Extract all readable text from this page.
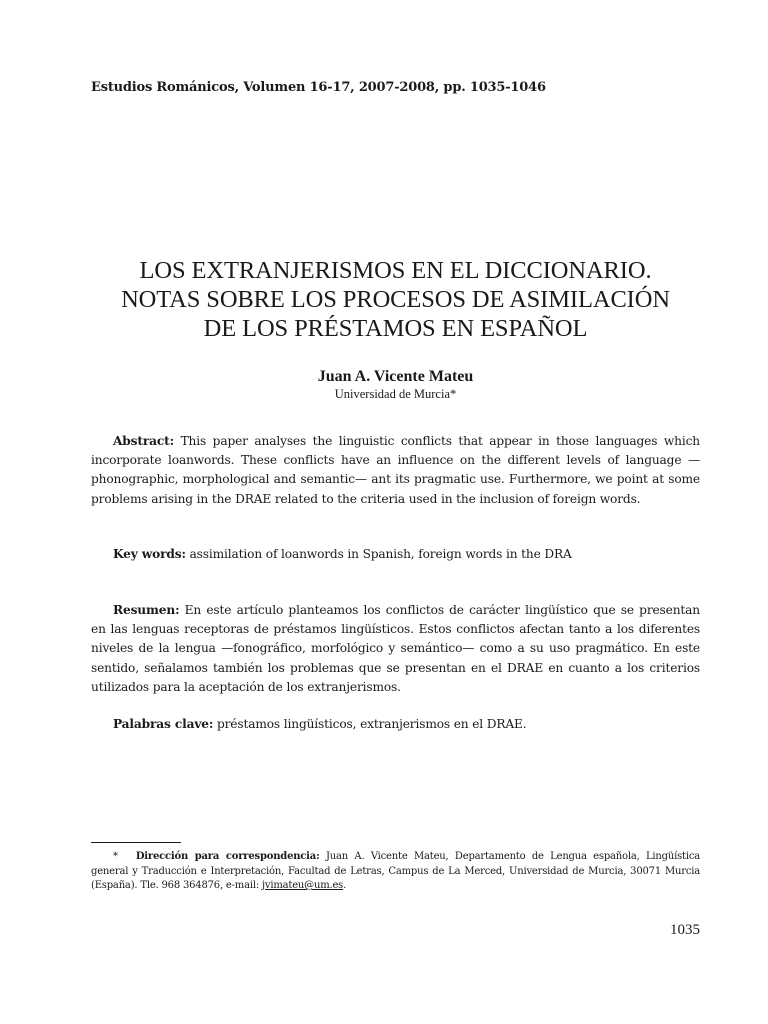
Estudios Románicos, Volumen 16-17, 2007-2008, pp. 1035-1046
LOS EXTRANJERISMOS EN EL DICCIONARIO.
NOTAS SOBRE LOS PROCESOS DE ASIMILACIÓN
DE LOS PRÉSTAMOS EN ESPAÑOL
Juan A. Vicente Mateu
Universidad de Murcia*

Abstract: This paper analyses the linguistic conflicts that appear in those languages which incorporate loanwords. These conflicts have an influence on the different levels of language —phonographic, morphological and semantic— ant its pragmatic use. Furthermore, we point at some problems arising in the DRAE related to the criteria used in the inclusion of foreign words.

Key words: assimilation of loanwords in Spanish, foreign words in the DRA

Resumen: En este artículo planteamos los conflictos de carácter lingüístico que se presentan en las lenguas receptoras de préstamos lingüísticos. Estos conflictos afectan tanto a los diferentes niveles de la lengua —fonográfico, morfológico y semántico— como a su uso pragmático. En este sentido, señalamos también los problemas que se presentan en el DRAE en cuanto a los criterios utilizados para la aceptación de los extranjerismos.

Palabras clave: préstamos lingüísticos, extranjerismos en el DRAE.

* Dirección para correspondencia: Juan A. Vicente Mateu, Departamento de Lengua española, Lingüística general y Traducción e Interpretación, Facultad de Letras, Campus de La Merced, Universidad de Murcia, 30071 Murcia (España). Tle. 968 364876, e-mail: jvimateu@um.es.
1035
